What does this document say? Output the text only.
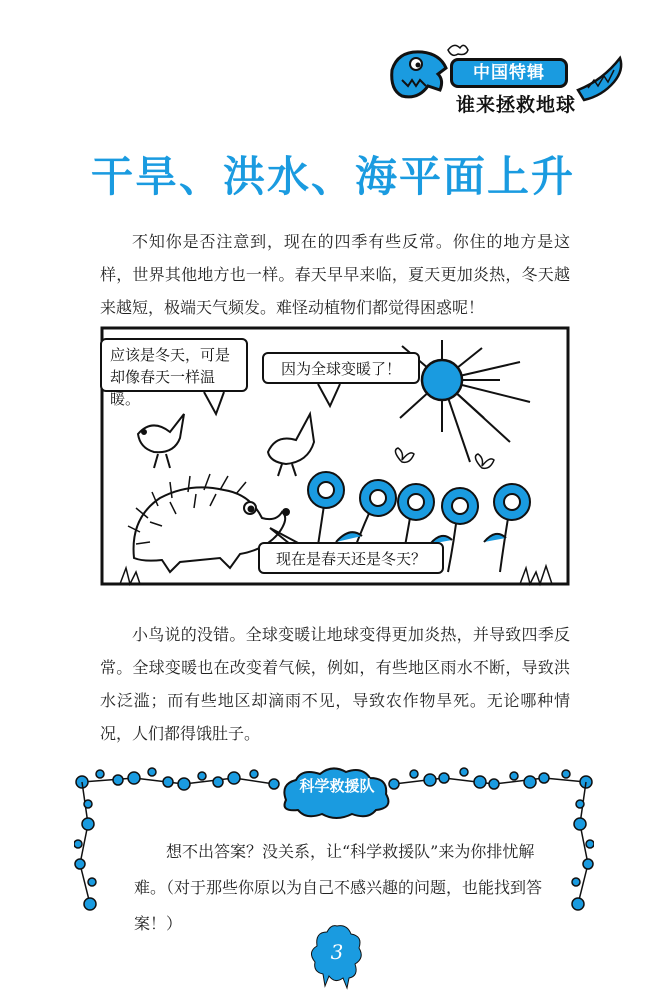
中国特辑
谁来拯救地球
干旱、洪水、海平面上升

不知你是否注意到，现在的四季有些反常。你住的地方是这样，世界其他地方也一样。春天早早来临，夏天更加炎热，冬天越来越短，极端天气频发。难怪动植物们都觉得困惑呢！

应该是冬天，可是却像春天一样温暖。
因为全球变暖了！
现在是春天还是冬天？

小鸟说的没错。全球变暖让地球变得更加炎热，并导致四季反常。全球变暖也在改变着气候，例如，有些地区雨水不断，导致洪水泛滥；而有些地区却滴雨不见，导致农作物旱死。无论哪种情况，人们都得饿肚子。

科学救援队

想不出答案？没关系，让“科学救援队”来为你排忧解难。（对于那些你原以为自己不感兴趣的问题，也能找到答案！）

3
